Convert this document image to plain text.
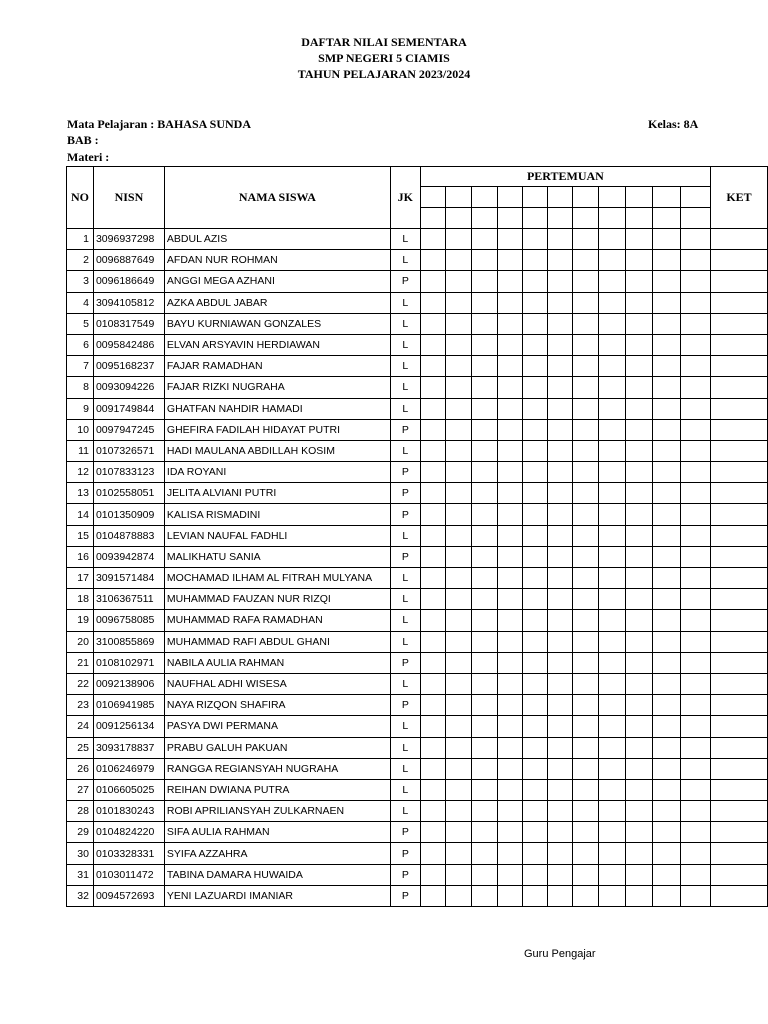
DAFTAR NILAI SEMENTARA
SMP NEGERI 5 CIAMIS
TAHUN PELAJARAN 2023/2024
Mata Pelajaran : BAHASA SUNDA	Kelas: 8A
BAB :
Materi :
NO	NISN	NAMA SISWA	JK	PERTEMUAN											KET

1	3096937298	ABDUL AZIS	L												
2	0096887649	AFDAN NUR ROHMAN	L												
3	0096186649	ANGGI MEGA AZHANI	P												
4	3094105812	AZKA ABDUL JABAR	L												
5	0108317549	BAYU KURNIAWAN GONZALES	L												
6	0095842486	ELVAN ARSYAVIN HERDIAWAN	L												
7	0095168237	FAJAR RAMADHAN	L												
8	0093094226	FAJAR RIZKI NUGRAHA	L												
9	0091749844	GHATFAN NAHDIR HAMADI	L												
10	0097947245	GHEFIRA FADILAH HIDAYAT PUTRI	P												
11	0107326571	HADI MAULANA ABDILLAH KOSIM	L												
12	0107833123	IDA ROYANI	P												
13	0102558051	JELITA ALVIANI PUTRI	P												
14	0101350909	KALISA RISMADINI	P												
15	0104878883	LEVIAN NAUFAL FADHLI	L												
16	0093942874	MALIKHATU SANIA	P												
17	3091571484	MOCHAMAD ILHAM AL FITRAH MULYANA	L												
18	3106367511	MUHAMMAD FAUZAN NUR RIZQI	L												
19	0096758085	MUHAMMAD RAFA RAMADHAN	L												
20	3100855869	MUHAMMAD RAFI ABDUL GHANI	L												
21	0108102971	NABILA AULIA RAHMAN	P												
22	0092138906	NAUFHAL ADHI WISESA	L												
23	0106941985	NAYA RIZQON SHAFIRA	P												
24	0091256134	PASYA DWI PERMANA	L												
25	3093178837	PRABU GALUH PAKUAN	L												
26	0106246979	RANGGA REGIANSYAH NUGRAHA	L												
27	0106605025	REIHAN DWIANA PUTRA	L												
28	0101830243	ROBI APRILIANSYAH ZULKARNAEN	L												
29	0104824220	SIFA AULIA RAHMAN	P												
30	0103328331	SYIFA AZZAHRA	P												
31	0103011472	TABINA DAMARA HUWAIDA	P												
32	0094572693	YENI LAZUARDI IMANIAR	P												
Guru Pengajar
